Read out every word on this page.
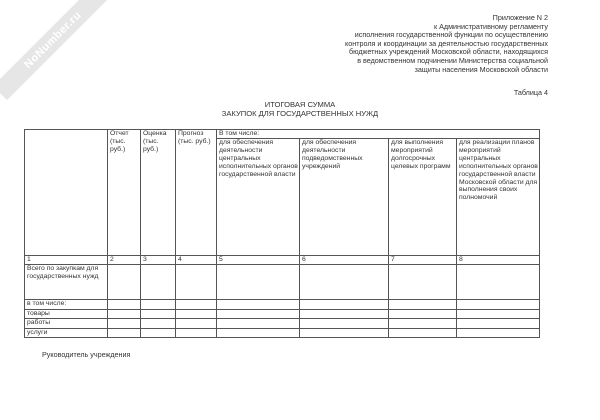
NoNumber.ru	Приложение N 2
к Административному регламенту
исполнения государственной функции по осуществлению
контроля и координации за деятельностью государственных
бюджетных учреждений Московской области, находящихся
в ведомственном подчинении Министерства социальной
защиты населения Московской области
Таблица 4
ИТОГОВАЯ СУММА
ЗАКУПОК ДЛЯ ГОСУДАРСТВЕННЫХ НУЖД
	Отчет (тыс. руб.)	Оценка (тыс. руб.)	Прогноз (тыс. руб.)	В том числе:			
				для обеспечения деятельности центральных исполнительных органов государственной власти	для обеспечения деятельности подведомственных учреждений	для выполнения мероприятий долгосрочных целевых программ	для реализации планов мероприятий центральных исполнительных органов государственной власти Московской области для выполнения своих полномочий
1	2	3	4	5	6	7	8
Всего по закупкам для государственных нужд							
в том числе:							
товары							
работы							
услуги							
Руководитель учреждения
